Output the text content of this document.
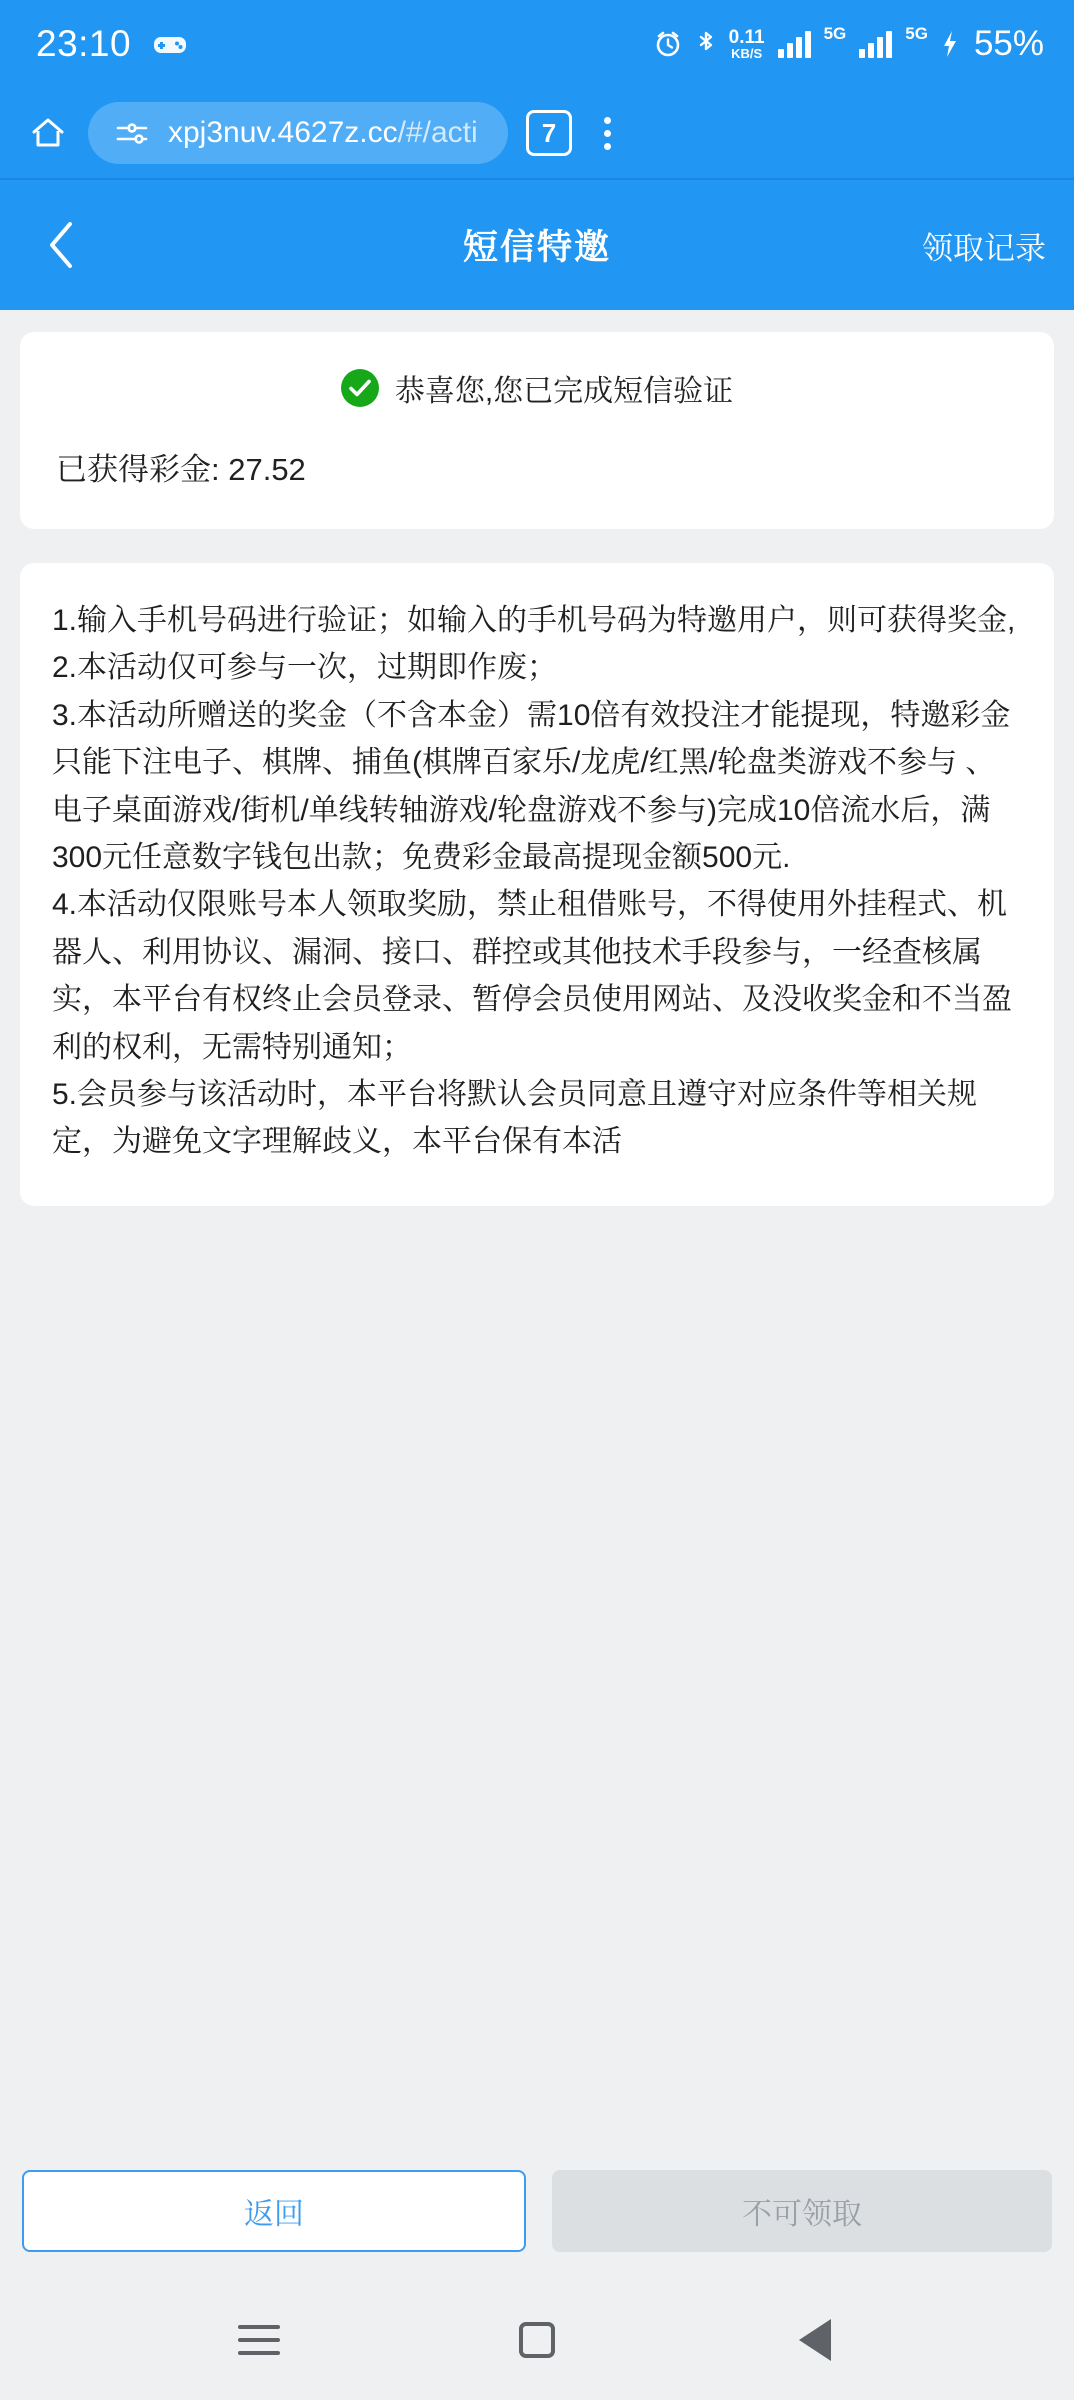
23:10	0.11
KB/S
5G	5G 55%
xpj3nuv.4627z.cc/#/acti	7
短信特邀	领取记录
恭喜您,您已完成短信验证
已获得彩金: 27.52

1.输入手机号码进行验证；如输入的手机号码为特邀用户，则可获得奖金,

2.本活动仅可参与一次，过期即作废；

3.本活动所赠送的奖金（不含本金）需10倍有效投注才能提现，特邀彩金只能下注电子、棋牌、捕鱼(棋牌百家乐/龙虎/红黑/轮盘类游戏不参与 、电子桌面游戏/街机/单线转轴游戏/轮盘游戏不参与)完成10倍流水后，满300元任意数字钱包出款；免费彩金最高提现金额500元.

4.本活动仅限账号本人领取奖励，禁止租借账号，不得使用外挂程式、机器人、利用协议、漏洞、接口、群控或其他技术手段参与，一经查核属实，本平台有权终止会员登录、暂停会员使用网站、及没收奖金和不当盈利的权利，无需特别通知；

5.会员参与该活动时，本平台将默认会员同意且遵守对应条件等相关规定，为避免文字理解歧义，本平台保有本活

返回	不可领取
